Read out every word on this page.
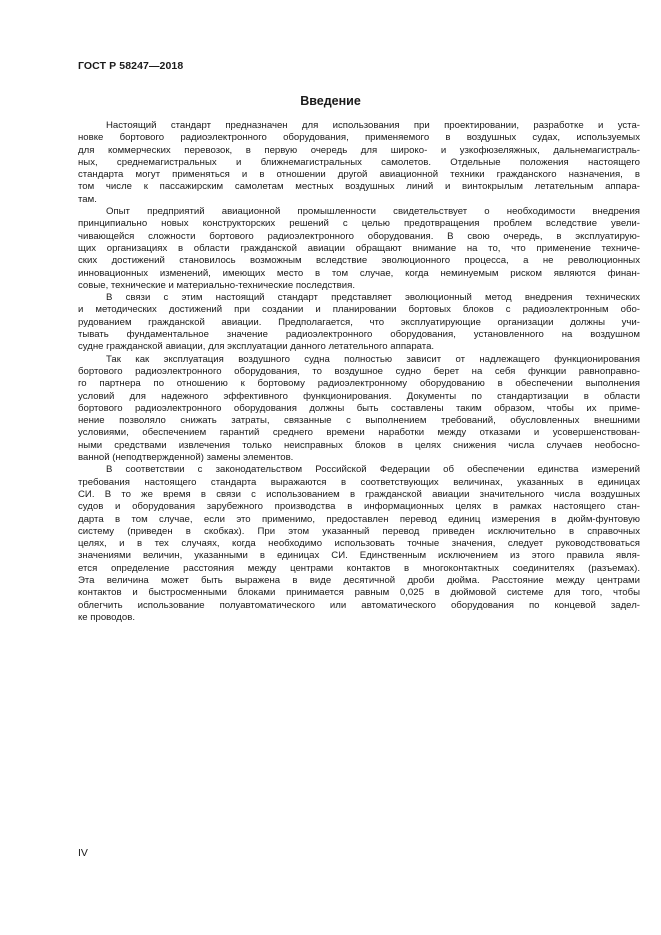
ГОСТ Р 58247—2018
Введение
Настоящий стандарт предназначен для использования при проектировании, разработке и уста-
новке бортового радиоэлектронного оборудования, применяемого в воздушных судах, используемых
для коммерческих перевозок, в первую очередь для широко- и узкофюзеляжных, дальнемагистраль-
ных, среднемагистральных и ближнемагистральных самолетов. Отдельные положения настоящего
стандарта могут применяться и в отношении другой авиационной техники гражданского назначения, в
том числе к пассажирским самолетам местных воздушных линий и винтокрылым летательным аппара-
там.
Опыт предприятий авиационной промышленности свидетельствует о необходимости внедрения
принципиально новых конструкторских решений с целью предотвращения проблем вследствие увели-
чивающейся сложности бортового радиоэлектронного оборудования. В свою очередь, в эксплуатирую-
щих организациях в области гражданской авиации обращают внимание на то, что применение техниче-
ских достижений становилось возможным вследствие эволюционного процесса, а не революционных
инновационных изменений, имеющих место в том случае, когда неминуемым риском являются финан-
совые, технические и материально-технические последствия.
В связи с этим настоящий стандарт представляет эволюционный метод внедрения технических
и методических достижений при создании и планировании бортовых блоков с радиоэлектронным обо-
рудованием гражданской авиации. Предполагается, что эксплуатирующие организации должны учи-
тывать фундаментальное значение радиоэлектронного оборудования, установленного на воздушном
судне гражданской авиации, для эксплуатации данного летательного аппарата.
Так как эксплуатация воздушного судна полностью зависит от надлежащего функционирования
бортового радиоэлектронного оборудования, то воздушное судно берет на себя функции равноправно-
го партнера по отношению к бортовому радиоэлектронному оборудованию в обеспечении выполнения
условий для надежного эффективного функционирования. Документы по стандартизации в области
бортового радиоэлектронного оборудования должны быть составлены таким образом, чтобы их приме-
нение позволяло снижать затраты, связанные с выполнением требований, обусловленных внешними
условиями, обеспечением гарантий среднего времени наработки между отказами и усовершенствован-
ными средствами извлечения только неисправных блоков в целях снижения числа случаев необосно-
ванной (неподтвержденной) замены элементов.
В соответствии с законодательством Российской Федерации об обеспечении единства измерений
требования настоящего стандарта выражаются в соответствующих величинах, указанных в единицах
СИ. В то же время в связи с использованием в гражданской авиации значительного числа воздушных
судов и оборудования зарубежного производства в информационных целях в рамках настоящего стан-
дарта в том случае, если это применимо, предоставлен перевод единиц измерения в дюйм-фунтовую
систему (приведен в скобках). При этом указанный перевод приведен исключительно в справочных
целях, и в тех случаях, когда необходимо использовать точные значения, следует руководствоваться
значениями величин, указанными в единицах СИ. Единственным исключением из этого правила явля-
ется определение расстояния между центрами контактов в многоконтактных соединителях (разъемах).
Эта величина может быть выражена в виде десятичной дроби дюйма. Расстояние между центрами
контактов и быстросменными блоками принимается равным 0,025 в дюймовой системе для того, чтобы
облегчить использование полуавтоматического или автоматического оборудования по концевой задел-
ке проводов.
IV
